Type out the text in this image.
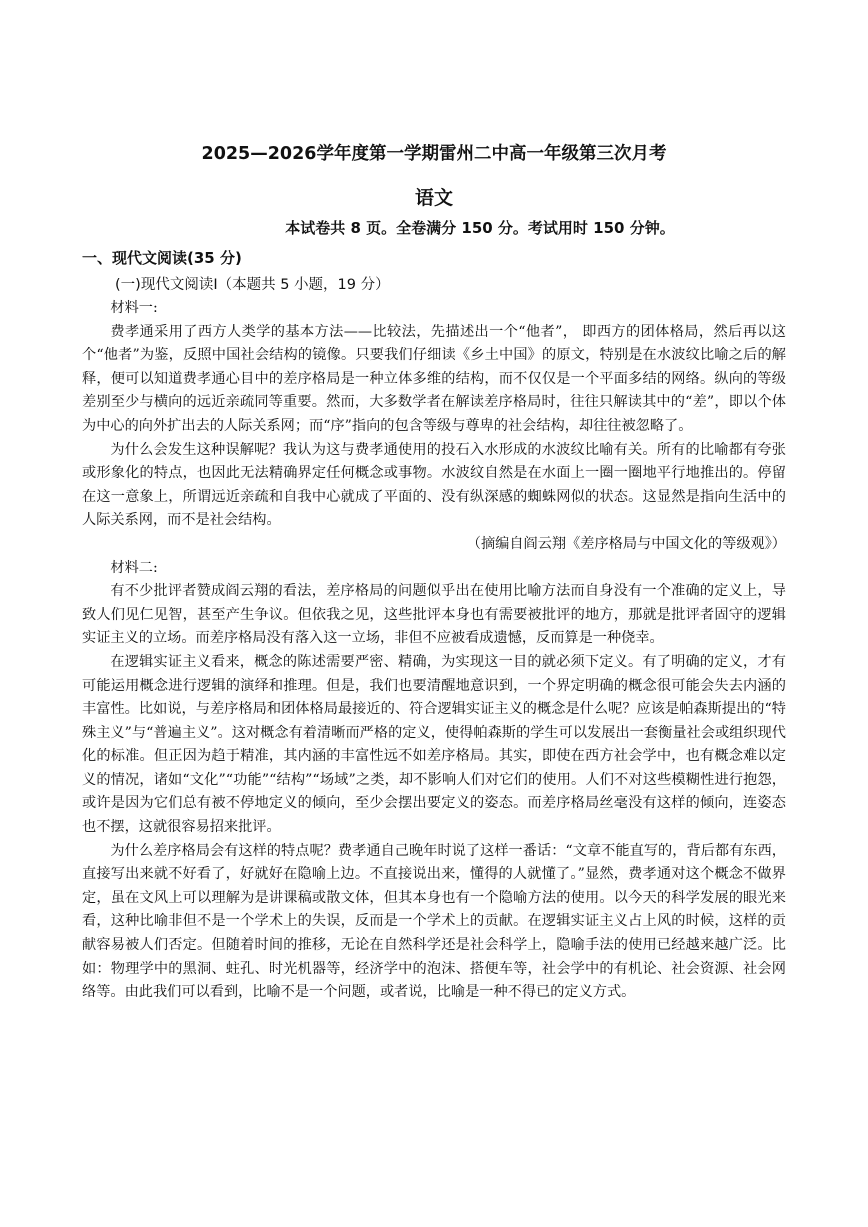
2025—2026学年度第一学期雷州二中高一年级第三次月考
语文
本试卷共 8 页。全卷满分 150 分。考试用时 150 分钟。
一、现代文阅读(35 分)
(一)现代文阅读Ⅰ（本题共 5 小题，19 分）

材料一:

费孝通采用了西方人类学的基本方法——比较法，先描述出一个“他者”， 即西方的团体格局，然后再以这个“他者”为鉴，反照中国社会结构的镜像。只要我们仔细读《乡土中国》的原文，特别是在水波纹比喻之后的解释，便可以知道费孝通心目中的差序格局是一种立体多维的结构，而不仅仅是一个平面多结的网络。纵向的等级差别至少与横向的远近亲疏同等重要。然而，大多数学者在解读差序格局时，往往只解读其中的“差”，即以个体为中心的向外扩出去的人际关系网；而“序”指向的包含等级与尊卑的社会结构，却往往被忽略了。

为什么会发生这种误解呢？我认为这与费孝通使用的投石入水形成的水波纹比喻有关。所有的比喻都有夸张或形象化的特点，也因此无法精确界定任何概念或事物。水波纹自然是在水面上一圈一圈地平行地推出的。停留在这一意象上，所谓远近亲疏和自我中心就成了平面的、没有纵深感的蜘蛛网似的状态。这显然是指向生活中的人际关系网，而不是社会结构。

（摘编自阎云翔《差序格局与中国文化的等级观》）

材料二:

有不少批评者赞成阎云翔的看法，差序格局的问题似乎出在使用比喻方法而自身没有一个准确的定义上，导致人们见仁见智，甚至产生争议。但依我之见，这些批评本身也有需要被批评的地方，那就是批评者固守的逻辑实证主义的立场。而差序格局没有落入这一立场，非但不应被看成遗憾，反而算是一种侥幸。

在逻辑实证主义看来，概念的陈述需要严密、精确，为实现这一目的就必须下定义。有了明确的定义，才有可能运用概念进行逻辑的演绎和推理。但是，我们也要清醒地意识到，一个界定明确的概念很可能会失去内涵的丰富性。比如说，与差序格局和团体格局最接近的、符合逻辑实证主义的概念是什么呢？应该是帕森斯提出的“特殊主义”与“普遍主义”。这对概念有着清晰而严格的定义，使得帕森斯的学生可以发展出一套衡量社会或组织现代化的标准。但正因为趋于精准，其内涵的丰富性远不如差序格局。其实，即使在西方社会学中，也有概念难以定义的情况，诸如“文化”“功能”“结构”“场域”之类，却不影响人们对它们的使用。人们不对这些模糊性进行抱怨，或许是因为它们总有被不停地定义的倾向，至少会摆出要定义的姿态。而差序格局丝毫没有这样的倾向，连姿态也不摆，这就很容易招来批评。

为什么差序格局会有这样的特点呢？费孝通自己晚年时说了这样一番话：“文章不能直写的，背后都有东西，直接写出来就不好看了，好就好在隐喻上边。不直接说出来，懂得的人就懂了。”显然，费孝通对这个概念不做界定，虽在文风上可以理解为是讲课稿或散文体，但其本身也有一个隐喻方法的使用。以今天的科学发展的眼光来看，这种比喻非但不是一个学术上的失误，反而是一个学术上的贡献。在逻辑实证主义占上风的时候，这样的贡献容易被人们否定。但随着时间的推移，无论在自然科学还是社会科学上，隐喻手法的使用已经越来越广泛。比如：物理学中的黑洞、蛀孔、时光机器等，经济学中的泡沫、搭便车等，社会学中的有机论、社会资源、社会网络等。由此我们可以看到，比喻不是一个问题，或者说，比喻是一种不得已的定义方式。
